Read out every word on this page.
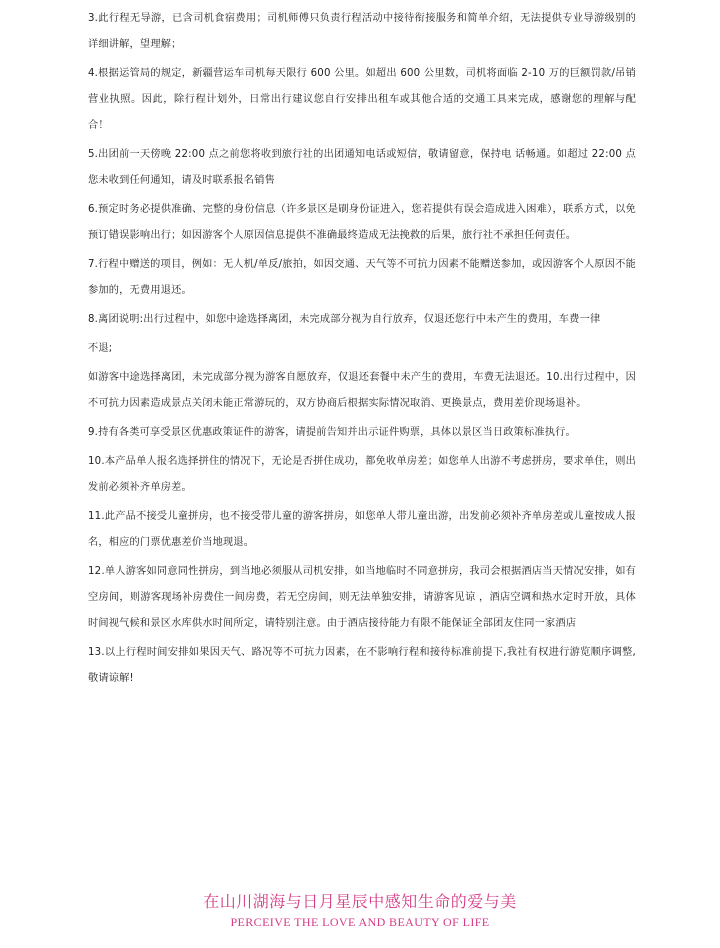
3.此行程无导游，已含司机食宿费用；司机师傅只负责行程活动中接待衔接服务和简单介绍，无法提供专业导游级别的详细讲解，望理解；

4.根据运管局的规定，新疆营运车司机每天限行 600 公里。如超出 600 公里数，司机将面临 2-10 万的巨额罚款/吊销营业执照。因此，除行程计划外，日常出行建议您自行安排出租车或其他合适的交通工具来完成，感谢您的理解与配合！

5.出团前一天傍晚 22:00 点之前您将收到旅行社的出团通知电话或短信，敬请留意，保持电 话畅通。如超过 22:00 点您未收到任何通知，请及时联系报名销售

6.预定时务必提供准确、完整的身份信息（许多景区是刷身份证进入，您若提供有误会造成进入困难），联系方式，以免预订错误影响出行；如因游客个人原因信息提供不准确最终造成无法挽救的后果，旅行社不承担任何责任。

7.行程中赠送的项目，例如：无人机/单反/旅拍，如因交通、天气等不可抗力因素不能赠送参加，或因游客个人原因不能参加的，无费用退还。

8.离团说明:出行过程中，如您中途选择离团，未完成部分视为自行放弃，仅退还您行中未产生的费用，车费一律

不退;

如游客中途选择离团，未完成部分视为游客自愿放弃，仅退还套餐中未产生的费用，车费无法退还。10.出行过程中，因不可抗力因素造成景点关闭未能正常游玩的，双方协商后根据实际情况取消、更换景点，费用差价现场退补。

9.持有各类可享受景区优惠政策证件的游客，请提前告知并出示证件购票，具体以景区当日政策标准执行。

10.本产品单人报名选择拼住的情况下，无论是否拼住成功，都免收单房差；如您单人出游不考虑拼房，要求单住，则出发前必须补齐单房差。

11.此产品不接受儿童拼房，也不接受带儿童的游客拼房，如您单人带儿童出游，出发前必须补齐单房差或儿童按成人报名，相应的门票优惠差价当地现退。

12.单人游客如同意同性拼房，到当地必须服从司机安排，如当地临时不同意拼房，我司会根据酒店当天情况安排，如有空房间，则游客现场补房费住一间房费，若无空房间，则无法单独安排，请游客见谅 ，酒店空调和热水定时开放，具体时间视气候和景区水库供水时间所定，请特别注意。由于酒店接待能力有限不能保证全部团友住同一家酒店

13.以上行程时间安排如果因天气、路况等不可抗力因素，在不影响行程和接待标准前提下,我社有权进行游览顺序调整,敬请谅解!

在山川湖海与日月星辰中感知生命的爱与美
PERCEIVE THE LOVE AND BEAUTY OF LIFE
